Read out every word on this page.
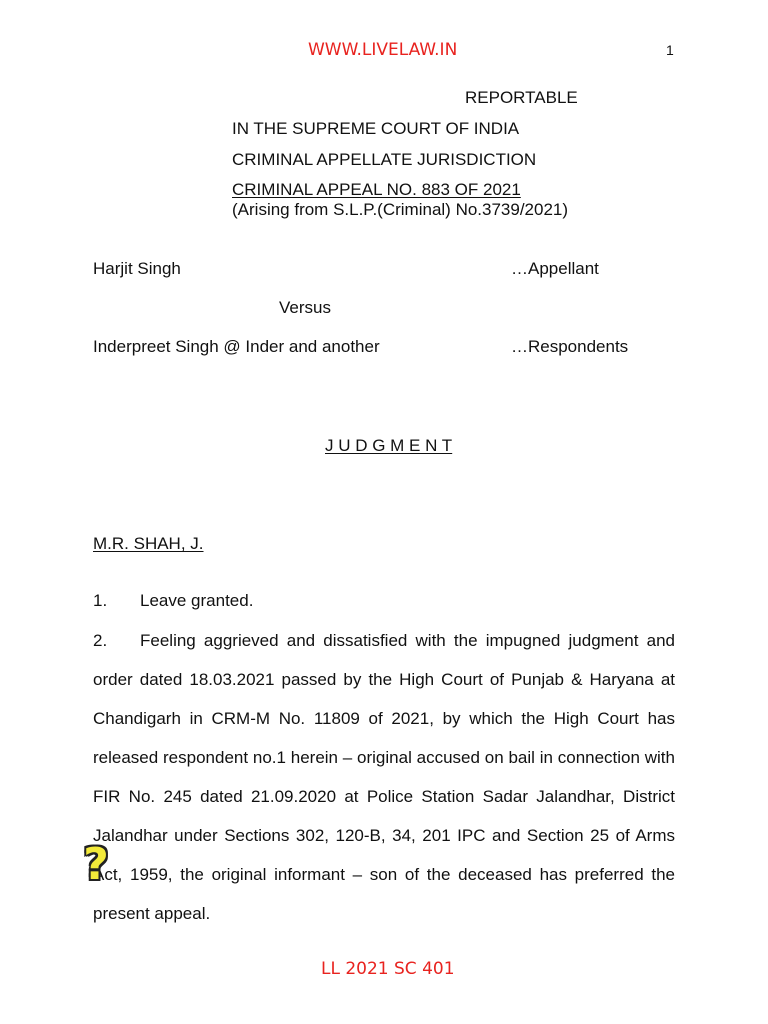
WWW.LIVELAW.IN	1
REPORTABLE
IN THE SUPREME COURT OF INDIA
CRIMINAL APPELLATE JURISDICTION
CRIMINAL APPEAL NO. 883 OF 2021
(Arising from S.L.P.(Criminal) No.3739/2021)
Harjit Singh	…Appellant
Versus
Inderpreet Singh @ Inder and another	…Respondents
J U D G M E N T
M.R. SHAH, J.
1. Leave granted.
2. Feeling aggrieved and dissatisfied with the impugned judgment and order dated 18.03.2021 passed by the High Court of Punjab & Haryana at Chandigarh in CRM-M No. 11809 of 2021, by which the High Court has released respondent no.1 herein – original accused on bail in connection with FIR No. 245 dated 21.09.2020 at Police Station Sadar Jalandhar, District Jalandhar under Sections 302, 120-B, 34, 201 IPC and Section 25 of Arms Act, 1959, the original informant – son of the deceased has preferred the present appeal.
?
LL 2021 SC 401
